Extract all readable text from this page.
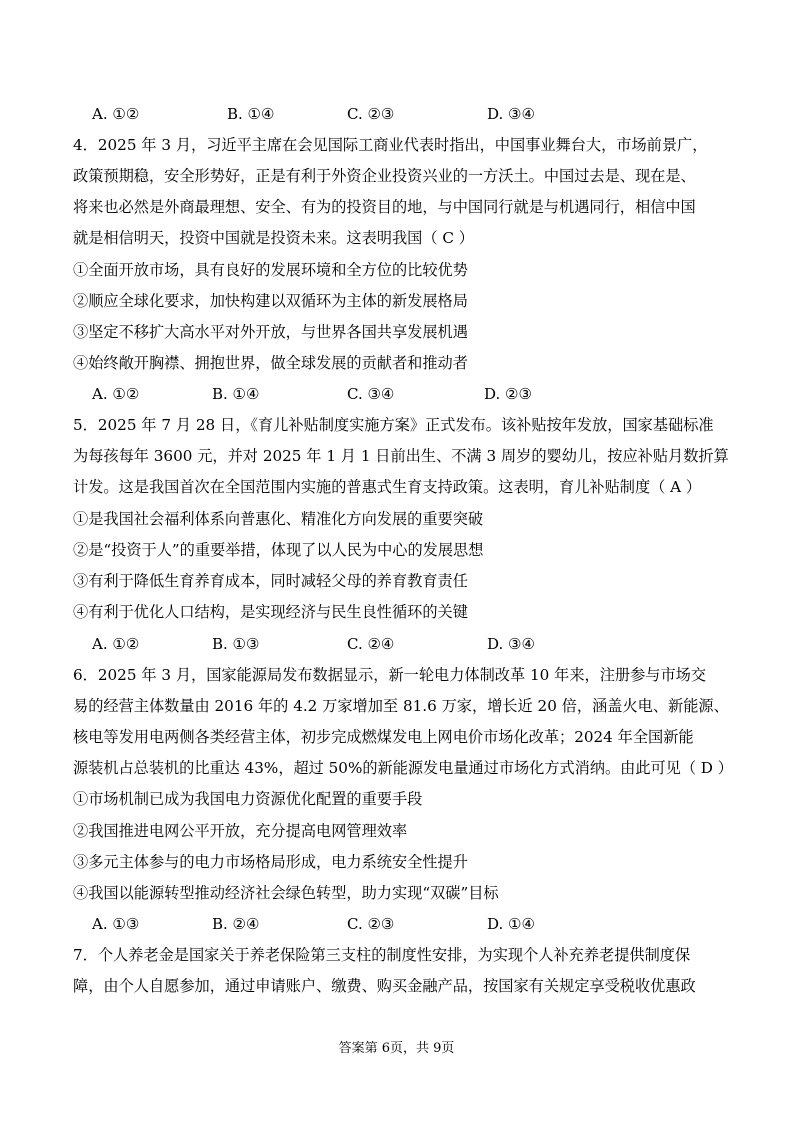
A. ①②	B. ①④	C. ②③	D. ③④
4．2025 年 3 月，习近平主席在会见国际工商业代表时指出，中国事业舞台大，市场前景广，
政策预期稳，安全形势好，正是有利于外资企业投资兴业的一方沃土。中国过去是、现在是、
将来也必然是外商最理想、安全、有为的投资目的地，与中国同行就是与机遇同行，相信中国
就是相信明天，投资中国就是投资未来。这表明我国（ C ）
①全面开放市场，具有良好的发展环境和全方位的比较优势
②顺应全球化要求，加快构建以双循环为主体的新发展格局
③坚定不移扩大高水平对外开放，与世界各国共享发展机遇
④始终敞开胸襟、拥抱世界，做全球发展的贡献者和推动者
A. ①②	B. ①④	C. ③④	D. ②③
5．2025 年 7 月 28 日，《育儿补贴制度实施方案》正式发布。该补贴按年发放，国家基础标准
为每孩每年 3600 元，并对 2025 年 1 月 1 日前出生、不满 3 周岁的婴幼儿，按应补贴月数折算
计发。这是我国首次在全国范围内实施的普惠式生育支持政策。这表明，育儿补贴制度（ A ）
①是我国社会福利体系向普惠化、精准化方向发展的重要突破
②是“投资于人”的重要举措，体现了以人民为中心的发展思想
③有利于降低生育养育成本，同时减轻父母的养育教育责任
④有利于优化人口结构，是实现经济与民生良性循环的关键
A. ①②	B. ①③	C. ②④	D. ③④
6．2025 年 3 月，国家能源局发布数据显示，新一轮电力体制改革 10 年来，注册参与市场交
易的经营主体数量由 2016 年的 4.2 万家增加至 81.6 万家，增长近 20 倍，涵盖火电、新能源、
核电等发用电两侧各类经营主体，初步完成燃煤发电上网电价市场化改革；2024 年全国新能
源装机占总装机的比重达 43%，超过 50%的新能源发电量通过市场化方式消纳。由此可见（ D ）
①市场机制已成为我国电力资源优化配置的重要手段
②我国推进电网公平开放，充分提高电网管理效率
③多元主体参与的电力市场格局形成，电力系统安全性提升
④我国以能源转型推动经济社会绿色转型，助力实现“双碳”目标
A. ①③	B. ②④	C. ②③	D. ①④
7．个人养老金是国家关于养老保险第三支柱的制度性安排，为实现个人补充养老提供制度保
障，由个人自愿参加，通过申请账户、缴费、购买金融产品，按国家有关规定享受税收优惠政
答案第 6页，共 9页
